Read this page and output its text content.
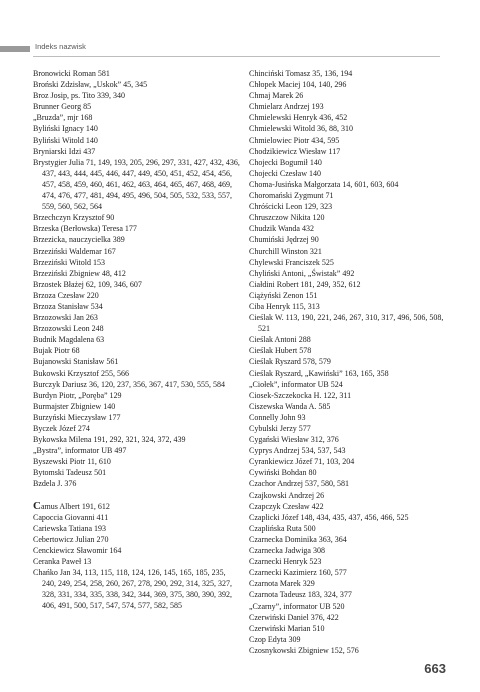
Indeks nazwisk
Bronowicki Roman 581
Broński Zdzisław, „Uskok” 45, 345
Broz Josip, ps. Tito 339, 340
Brunner Georg 85
„Bruzda”, mjr 168
Byliński Ignacy 140
Byliński Witold 140
Bryniarski Idzi 437
Brystygier Julia 71, 149, 193, 205, 296, 297, 331, 427, 432, 436, 437, 443, 444, 445, 446, 447, 449, 450, 451, 452, 454, 456, 457, 458, 459, 460, 461, 462, 463, 464, 465, 467, 468, 469, 474, 476, 477, 481, 494, 495, 496, 504, 505, 532, 533, 557, 559, 560, 562, 564
Brzechczyn Krzysztof 90
Brzeska (Berłowska) Teresa 177
Brzezicka, nauczycielka 389
Brzeziński Waldemar 167
Brzeziński Witold 153
Brzeziński Zbigniew 48, 412
Brzostek Błażej 62, 109, 346, 607
Brzoza Czesław 220
Brzoza Stanisław 534
Brzozowski Jan 263
Brzozowski Leon 248
Budnik Magdalena 63
Bujak Piotr 68
Bujanowski Stanisław 561
Bukowski Krzysztof 255, 566
Burczyk Dariusz 36, 120, 237, 356, 367, 417, 530, 555, 584
Burdyn Piotr, „Poręba” 129
Burmajster Zbigniew 140
Burzyński Mieczysław 177
Byczek Józef 274
Bykowska Milena 191, 292, 321, 324, 372, 439
„Bystra”, informator UB 497
Byszewski Piotr 11, 610
Bytomski Tadeusz 501
Bzdela J. 376
Camus Albert 191, 612
Capoccia Giovanni 411
Cariewska Tatiana 193
Cebertowicz Julian 270
Cenckiewicz Sławomir 164
Ceranka Paweł 13
Chańko Jan 34, 113, 115, 118, 124, 126, 145, 165, 185, 235, 240, 249, 254, 258, 260, 267, 278, 290, 292, 314, 325, 327, 328, 331, 334, 335, 338, 342, 344, 369, 375, 380, 390, 392, 406, 491, 500, 517, 547, 574, 577, 582, 585
Chinciński Tomasz 35, 136, 194
Chłopek Maciej 104, 140, 296
Chmaj Marek 26
Chmielarz Andrzej 193
Chmielewski Henryk 436, 452
Chmielewski Witold 36, 88, 310
Chmielowiec Piotr 434, 595
Chodzikiewicz Wiesław 117
Chojecki Bogumił 140
Chojecki Czesław 140
Choma-Jusińska Małgorzata 14, 601, 603, 604
Choromański Zygmunt 71
Chróścicki Leon 129, 323
Chruszczow Nikita 120
Chudzik Wanda 432
Chumiński Jędrzej 90
Churchill Winston 321
Chylewski Franciszek 525
Chyliński Antoni, „Świstak” 492
Ciałdini Robert 181, 249, 352, 612
Ciążyński Zenon 151
Ciba Henryk 115, 313
Cieślak W. 113, 190, 221, 246, 267, 310, 317, 496, 506, 508, 521
Cieślak Antoni 288
Cieślak Hubert 578
Cieślak Ryszard 578, 579
Cieślak Ryszard, „Kawiński” 163, 165, 358
„Ciołek”, informator UB 524
Ciosek-Szczekocka H. 122, 311
Ciszewska Wanda A. 585
Connelly John 93
Cybulski Jerzy 577
Cygański Wiesław 312, 376
Cyprys Andrzej 534, 537, 543
Cyrankiewicz Józef 71, 103, 204
Cywiński Bohdan 80
Czachor Andrzej 537, 580, 581
Czajkowski Andrzej 26
Czapczyk Czesław 422
Czaplicki Józef 148, 434, 435, 437, 456, 466, 525
Czaplińska Ruta 500
Czarnecka Dominika 363, 364
Czarnecka Jadwiga 308
Czarnecki Henryk 523
Czarnecki Kazimierz 160, 577
Czarnota Marek 329
Czarnota Tadeusz 183, 324, 377
„Czarny”, informator UB 520
Czerwiński Daniel 376, 422
Czerwiński Marian 510
Czop Edyta 309
Czosnykowski Zbigniew 152, 576
663
